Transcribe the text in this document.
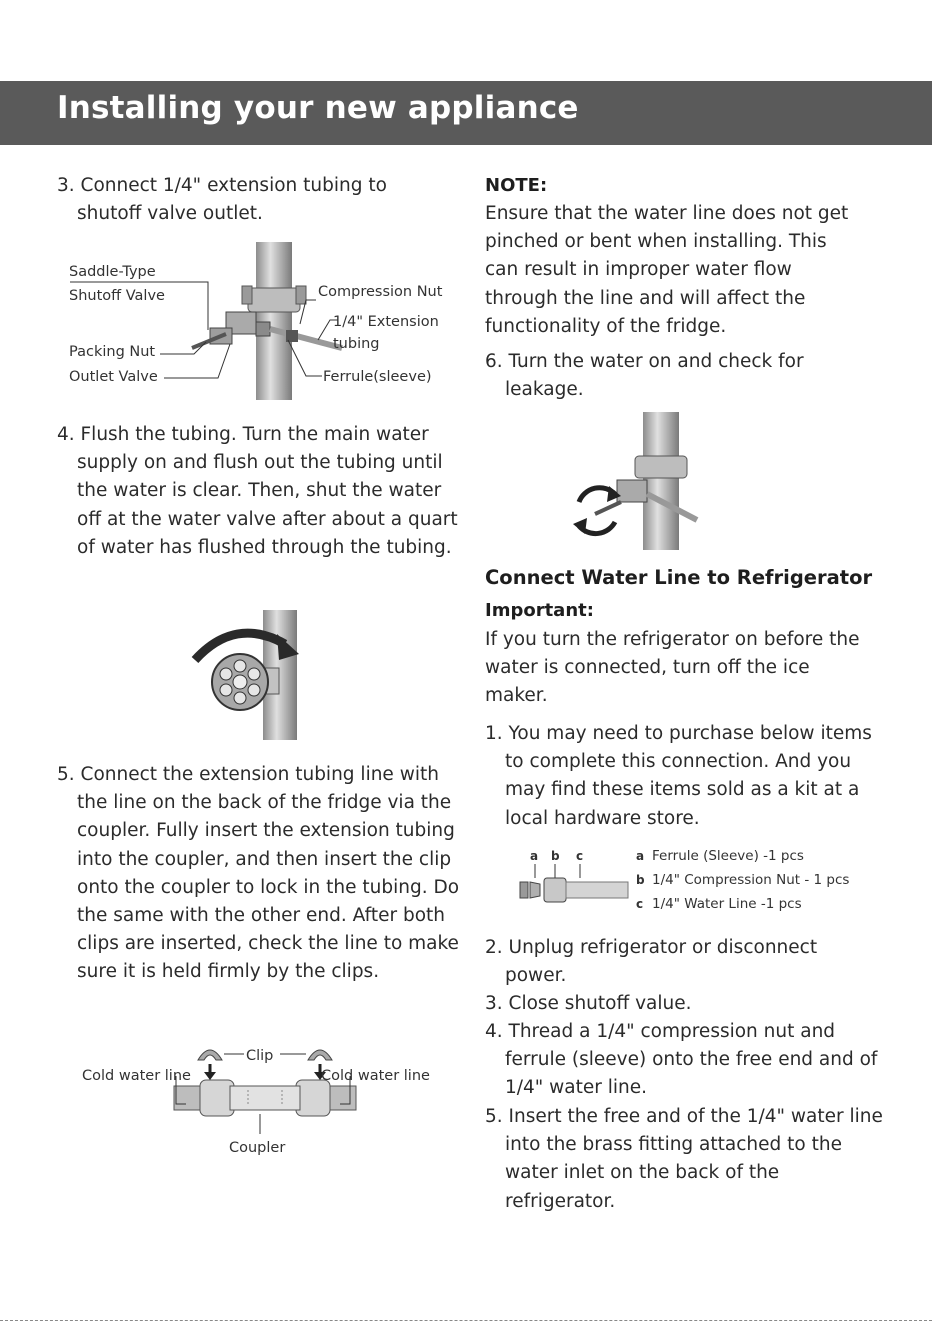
Installing your new appliance

3. Connect 1/4" extension tubing to shutoff valve outlet.

Saddle-Type
Shutoff Valve	Compression Nut
1/4" Extension
tubing
Packing Nut
Outlet Valve	Ferrule(sleeve)

4. Flush the tubing. Turn the main water supply on and flush out the tubing until the water is clear. Then, shut the water off at the water valve after about a quart of water has flushed through the tubing.

5. Connect the extension tubing line with the line on the back of the fridge via the coupler. Fully insert the extension tubing into the coupler, and then insert the clip onto the coupler to lock in the tubing. Do the same with the other end. After both clips are inserted, check the line to make sure it is held firmly by the clips.

Clip
Cold water line	Cold water line
Coupler

NOTE:

Ensure that the water line does not get pinched or bent when installing. This can result in improper water flow through the line and will affect the functionality of the fridge.

6. Turn the water on and check for leakage.

Connect Water Line to Refrigerator

Important:

If you turn the refrigerator on before the water is connected, turn off the ice maker.

1. You may need to purchase below items to complete this connection. And you may find these items sold as a kit at a local hardware store.

a b c	a Ferrule (Sleeve) -1 pcs
b 1/4" Compression Nut - 1 pcs
c 1/4" Water Line -1 pcs

2. Unplug refrigerator or disconnect power.

3. Close shutoff value.

4. Thread a 1/4" compression nut and ferrule (sleeve) onto the free end and of 1/4" water line.

5. Insert the free and of the 1/4" water line into the brass fitting attached to the water inlet on the back of the refrigerator.
